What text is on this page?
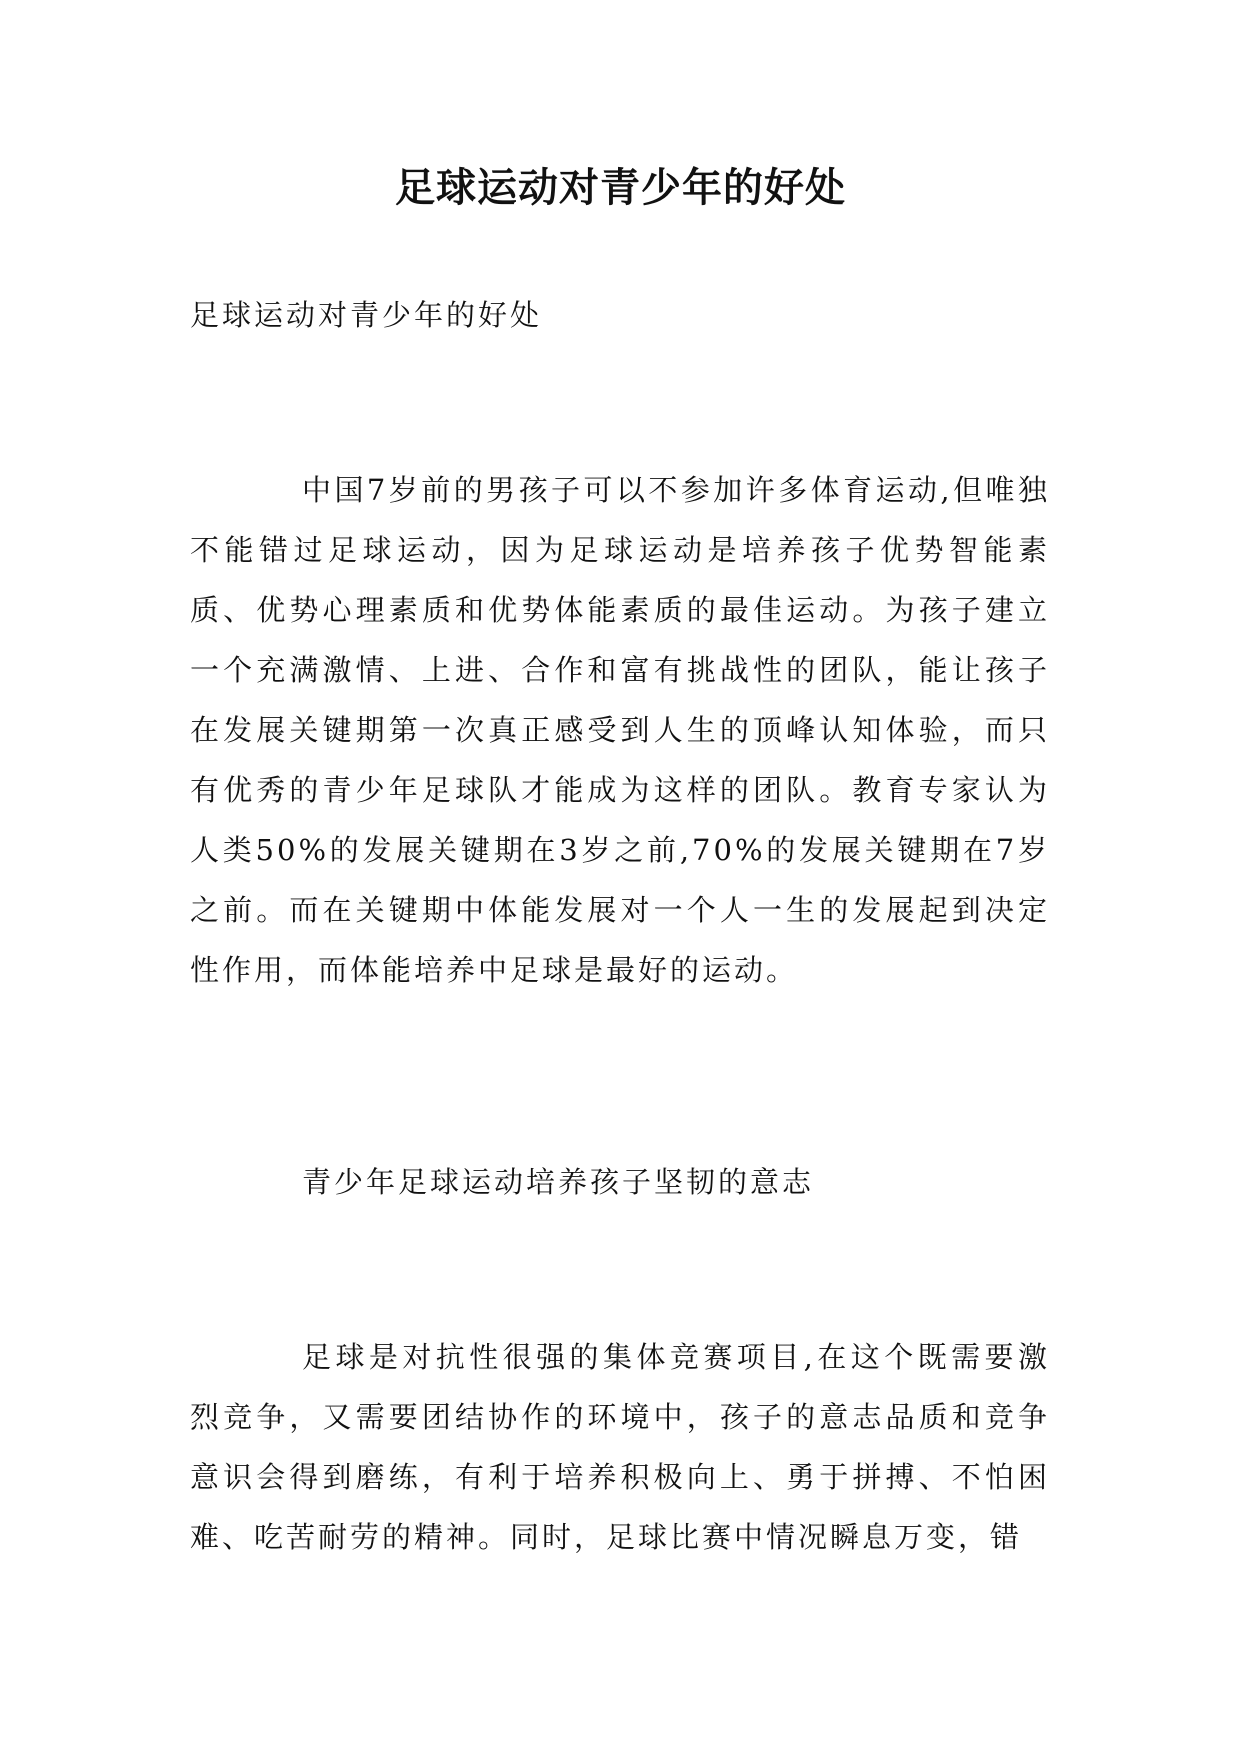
足球运动对青少年的好处

足球运动对青少年的好处

中国7岁前的男孩子可以不参加许多体育运动,但唯独不能错过足球运动，因为足球运动是培养孩子优势智能素质、优势心理素质和优势体能素质的最佳运动。为孩子建立一个充满激情、上进、合作和富有挑战性的团队，能让孩子在发展关键期第一次真正感受到人生的顶峰认知体验，而只有优秀的青少年足球队才能成为这样的团队。教育专家认为人类50%的发展关键期在3岁之前,70%的发展关键期在7岁之前。而在关键期中体能发展对一个人一生的发展起到决定性作用，而体能培养中足球是最好的运动。

青少年足球运动培养孩子坚韧的意志

足球是对抗性很强的集体竞赛项目,在这个既需要激烈竞争，又需要团结协作的环境中，孩子的意志品质和竞争意识会得到磨练，有利于培养积极向上、勇于拼搏、不怕困难、吃苦耐劳的精神。同时，足球比赛中情况瞬息万变，错
